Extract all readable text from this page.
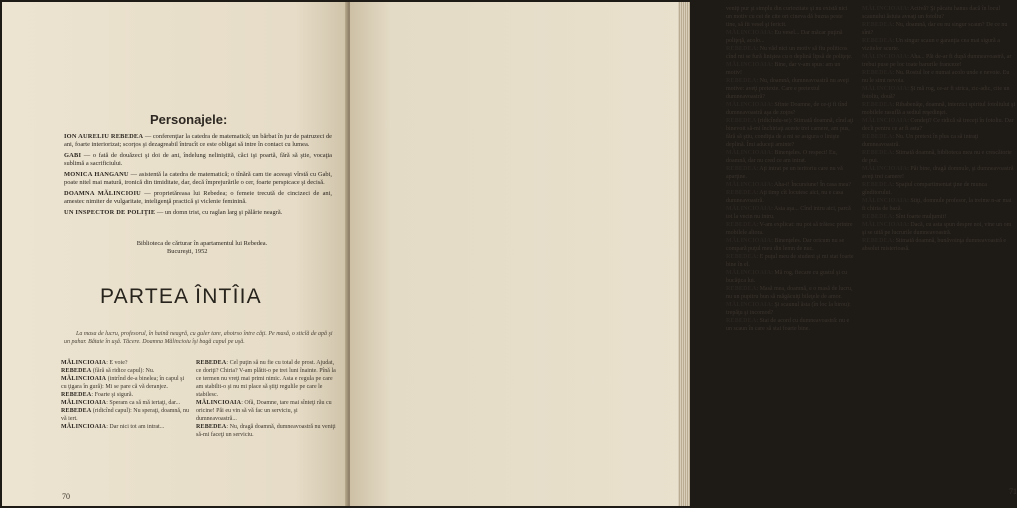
Personajele:

ION AURELIU REBEDEA — conferenţiar la catedra de matematică; un bărbat în jur de patruzeci de ani, foarte interiorizat; scorţos şi dezagreabil întrucît ce este obligat să intre în contact cu lumea.

GABI — o fată de douăzeci şi doi de ani, îndelung neliniştită, căci işi poartă, fără să ştie, vocaţia sublimă a sacrificiului.

MONICA HANGANU — asistentă la catedra de matematică; o tînără cam tie aceeaşi vîrstă cu Gabi, poate nitel mai matură, ironică din timiditate, dar, decă împrejurările o cer, foarte perspicace şi decisă.

DOAMNA MĂLINCIOIU — proprietăreasa lui Rebedea; o femeie trecută de cincizeci de ani, amestec nimiter de vulgaritate, inteligenţă practică şi vicleniе feminină.

UN INSPECTOR DE POLIŢIE — un domn trist, cu raglan larg şi pălărie neagră.

Biblioteca de cărturar în apartamentul lui Rebedea.
Bucureşti, 1952
PARTEA ÎNTÎIA
La masa de lucru, profesorul, în haină neagră, cu guler tare, ahotrso întrе căţi. Pe masă, o sticlă de apă şi un pahar. Bătaie în uşă. Tăcere. Doamna Mălincioiu îşi bagă capul pe uşă.

MĂLINCIOAIA: E voie?

REBEDEA (fără să ridice capul): Nu.

MĂLINCIOAIA (intrînd de-a binelea; în capul şi cu ţigara în gură): Mi se pare că vă deranjez.

REBEDEA: Foarte şi sigură.

MĂLINCIOAIA: Speram ca să mă iertaţi, dar...

REBEDEA (ridicînd capul): Nu speraţi, doamnă, nu vă iert.

MĂLINCIOAIA: Dar nici tot am intrat...

REBEDEA: Cel puţin să nu fie cu total de prost. Ajudat, ce doriţi? Chiria? V-am plătit-o pe trei luni înainte. Pînă la ce termen nu vreţi mai primi nimic. Asta e regula pe care am stabilit-o şi nu mi place să ştiţi regulile pe care le stabilesc.

MĂLINCIOAIA: Ofă, Doamne, tare mai sînteţi rău cu oricine! Păi eu vin să vă fac un serviciu, şi dumneavoastră...

REBEDEA: Nu, dragă doamnă, dumneavoastră nu veniţi să-mi faceţi un serviciu.

70

veniţi pur şi simplu din curiozitate şi nu există nici un motiv cu cei de cite ori cineva dă buzna peste tine, să fii vesel şi fericit.

MĂLINCIOAIA: Eu vesel... Dar măcar puţină poliţeţă, acolo...

REBEDEA: Nu văd nici un motiv să fiu politicos cînd mi se fură liniştea cu o deplină lipsă de poliţeţe.

MĂLINCIOAIA: Bine, dar v-am spus: am un motiv!

REBEDEA: Nu, doamnă, dumneavoastră nu aveţi motive: aveţi pretexte. Care e pretextul dumneavoastră?

MĂLINCIOAIA: Sfinte Doamne, de ce-ţi fi tînd dumneavoastră aşa de zoţos?

REBEDEA (ridicîndu-se): Stimată doamnă, cînd aţi binevoit să-mi închiriaţi aceste trei camere, am pus, fără să ştiu, condiţia de a mi se asigura o linişte deplină. Îmi aduceţi aminte?

MĂLINCIOAIA: Binenţeles. O respect! Eu, doamnă, dar nu cred ce am intrat.

REBEDEA: Aţi intrat pe un teritoriu care nu vă aparţine.

MĂLINCIOAIA: Aha-i! Încursiune! În casa mea?

REBEDEA: Aţi timp cît locuiesc aici, nu e casa dumneavoastră.

MĂLINCIOAIA: Asta aşa... Cînd intru aici, parcă tot la vecin nu intru.

REBEDEA: V-am explicat: nu pot să trăiesc printre mobilele altora.

MĂLINCIOAIA: Binenţeles. Dar oricum nu se compară puţul meu din lemn de nuc.

REBEDEA: E puţul meu de student şi mi stat foarte bine în el.

MĂLINCIOAIA: Mă rog, fiecare cu gustul şi cu bucăţica lui.

REBEDEA: Masă mea, doamnă, e o masă de lucru, nu un pupitru bun să măgăcuiţi bileţele de amor.

MĂLINCIOAIA: Şi scaunul ăsta (în loc la birou): trepăţu şi incomod?

REBEDEA: Stai de acord cu dumneavoastră: nu e un scaun în care să stai foarte bine.

MĂLINCIOAIA: Activă? Şi păcatu hanus dacă în locul scaunului ăstuia aveaţi un fotoliu?

REBEDEA: Nu, doamnă, dar eu nu singur scaun? De ce nu sînt?

REBEDEA: Un singur scaun e garanţia cea mai sigură a vizitelor scurte.

MĂLINCIOAIA: Aha... Păi de-ar fi după dumneavoastră, ar trebui puse pe loc toate barurile franceze!

REBEDEA: Nu. Rostul lor e numai acolo unde e nevoie. Eu nu le simt nevoia.

MĂLINCIOAIA: Şi mă rog, ce-ar fi strica, zic-adic, cite un fotoliu, două?

REBEDEA: Ribabenăţe, doamnă, interzici spiritul fotoliului şi mobilele rasuflă a sediul reşedinţei.

MĂLINCIOAIA: Cendeţi? Ce ridică să treceţi în fotoliu. Dar decît pentru ce ar fi asta?

REBEDEA: Nu. Un pretext în plus ca să intraţi dumneavoastră.

REBEDEA: Stimată doamnă, biblioteca mea nu e crescătorie de pui.

MĂLINCIOAIA: Păi bine, dragă domnule, şi dumneavoastră aveţi trei camere!

REBEDEA: Spaţiul compartimentat ţine de munca gînditorului.

MĂLINCIOAIA: Stiţi, domnule profesor, la treime n-ar mai fi chiria de bază.

REBEDEA: Sînt foarte mulţumit!

MĂLINCIOAIA: Dacă, cu asta spun despre noi, vine un om şi se uită pe lucrurile dumneavoastră.

REBEDEA: Stimată doamnă, bunăvoinţa dumneavoastră e absolut misterioasă.

71
